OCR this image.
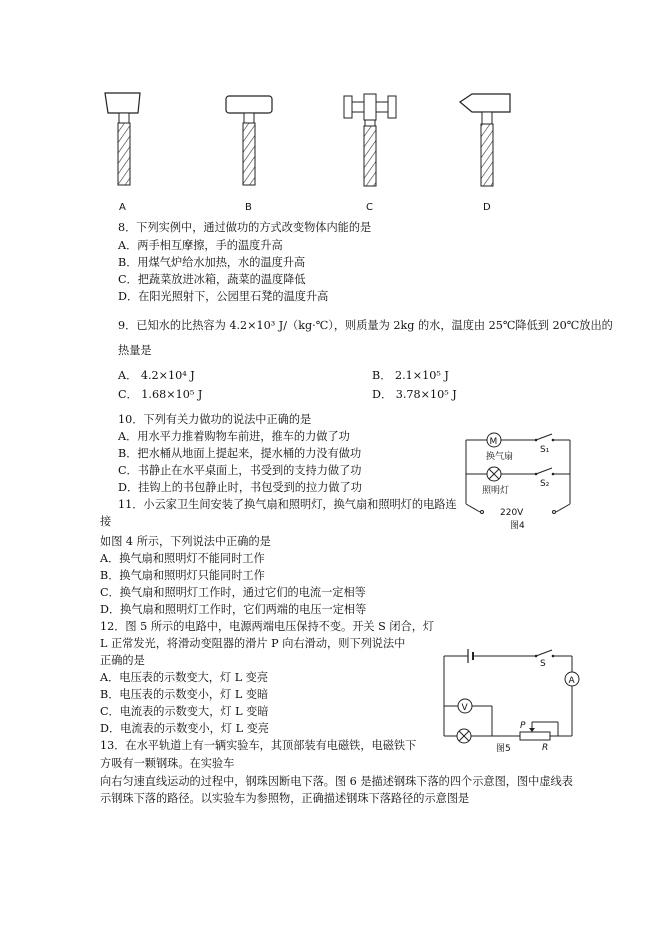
A	B	C	D
8．下列实例中，通过做功的方式改变物体内能的是
A．两手相互摩擦，手的温度升高
B．用煤气炉给水加热，水的温度升高
C．把蔬菜放进冰箱，蔬菜的温度降低
D．在阳光照射下，公园里石凳的温度升高
9．已知水的比热容为 4.2×10³ J/（kg·℃），则质量为 2kg 的水，温度由 25℃降低到 20℃放出的
热量是
A． 4.2×10⁴ J	B． 2.1×10⁵ J
C． 1.68×10⁵ J	D． 3.78×10⁵ J
10．下列有关力做功的说法中正确的是
A．用水平力推着购物车前进，推车的力做了功
B．把水桶从地面上提起来，提水桶的力没有做功
C．书静止在水平桌面上，书受到的支持力做了功
D．挂钩上的书包静止时，书包受到的拉力做了功
M
换气扇
S₁
照明灯
S₂
220V
图4
11．小云家卫生间安装了换气扇和照明灯，换气扇和照明灯的电路连
接
如图 4 所示，下列说法中正确的是
A．换气扇和照明灯不能同时工作
B．换气扇和照明灯只能同时工作
C．换气扇和照明灯工作时，通过它们的电流一定相等
D．换气扇和照明灯工作时，它们两端的电压一定相等
12．图 5 所示的电路中，电源两端电压保持不变。开关 S 闭合，灯
L 正常发光，将滑动变阻器的滑片 P 向右滑动，则下列说法中
正确的是
A．电压表的示数变大，灯 L 变亮
B．电压表的示数变小，灯 L 变暗
C．电流表的示数变大，灯 L 变暗
D．电流表的示数变小，灯 L 变亮
S
A
V
P
R
图5
13．在水平轨道上有一辆实验车，其顶部装有电磁铁，电磁铁下
方吸有一颗钢珠。在实验车
向右匀速直线运动的过程中，钢珠因断电下落。图 6 是描述钢珠下落的四个示意图，图中虚线表
示钢珠下落的路径。以实验车为参照物，正确描述钢珠下落路径的示意图是
